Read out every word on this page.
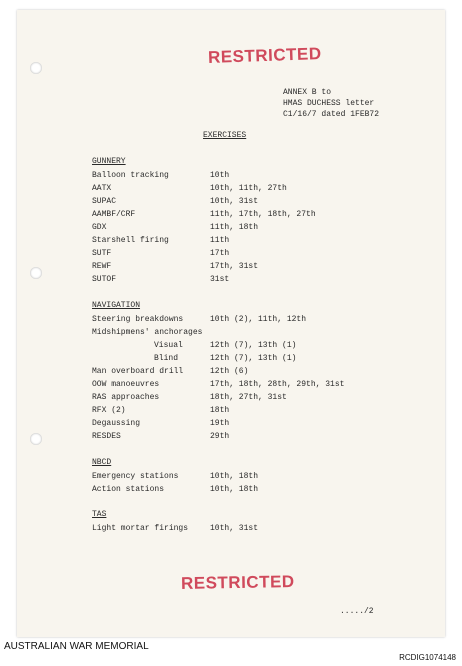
RESTRICTED
ANNEX B to
HMAS DUCHESS letter
C1/16/7 dated 1FEB72
EXERCISES
GUNNERY
Balloon tracking	10th
AATX	10th, 11th, 27th
SUPAC	10th, 31st
AAMBF/CRF	11th, 17th, 18th, 27th
GDX	11th, 18th
Starshell firing	11th
SUTF	17th
REWF	17th, 31st
SUTOF	31st
NAVIGATION
Steering breakdowns	10th (2), 11th, 12th
Midshipmens' anchorages
Visual	12th (7), 13th (1)
Blind	12th (7), 13th (1)
Man overboard drill	12th (6)
OOW manoeuvres	17th, 18th, 28th, 29th, 31st
RAS approaches	18th, 27th, 31st
RFX (2)	18th
Degaussing	19th
RESDES	29th
NBCD
Emergency stations	10th, 18th
Action stations	10th, 18th
TAS
Light mortar firings	10th, 31st
RESTRICTED
...../2
AUSTRALIAN WAR MEMORIAL
RCDIG1074148
